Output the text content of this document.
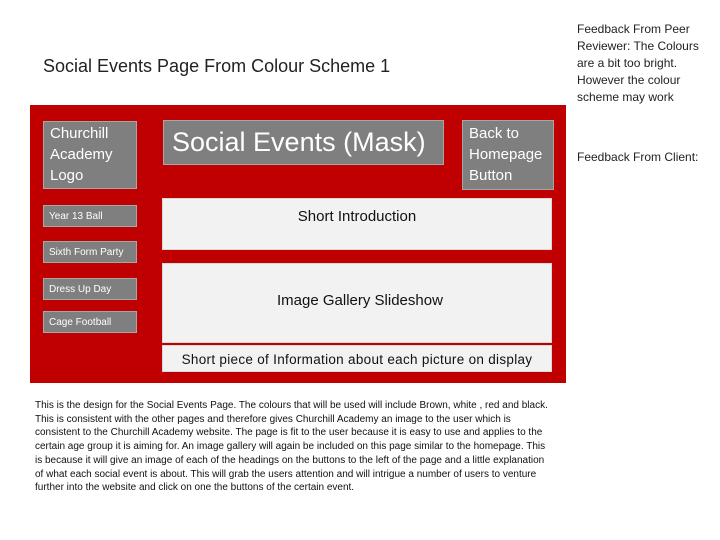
Social Events Page From Colour Scheme 1
Churchill Academy Logo
Social Events (Mask)	Back to Homepage Button
Year 13 Ball
Sixth Form Party
Dress Up Day
Cage Football
Short Introduction
Image Gallery Slideshow
Short piece of Information about each picture on display
This is the design for the Social Events Page. The colours that will be used will include Brown, white , red and black. This is consistent with the other pages and therefore gives Churchill Academy an image to the user which is consistent to the Churchill Academy website. The page is fit to the user because it is easy to use and applies to the certain age group it is aiming for. An image gallery will again be included on this page similar to the homepage. This is because it will give an image of each of the headings on the buttons to the left of the page and a little explanation of what each social event is about. This will grab the users attention and will intrigue a number of users to venture further into the website and click on one the buttons of the certain event.
Feedback From Peer Reviewer: The Colours are a bit too bright. However the colour scheme may work
Feedback From Client:
